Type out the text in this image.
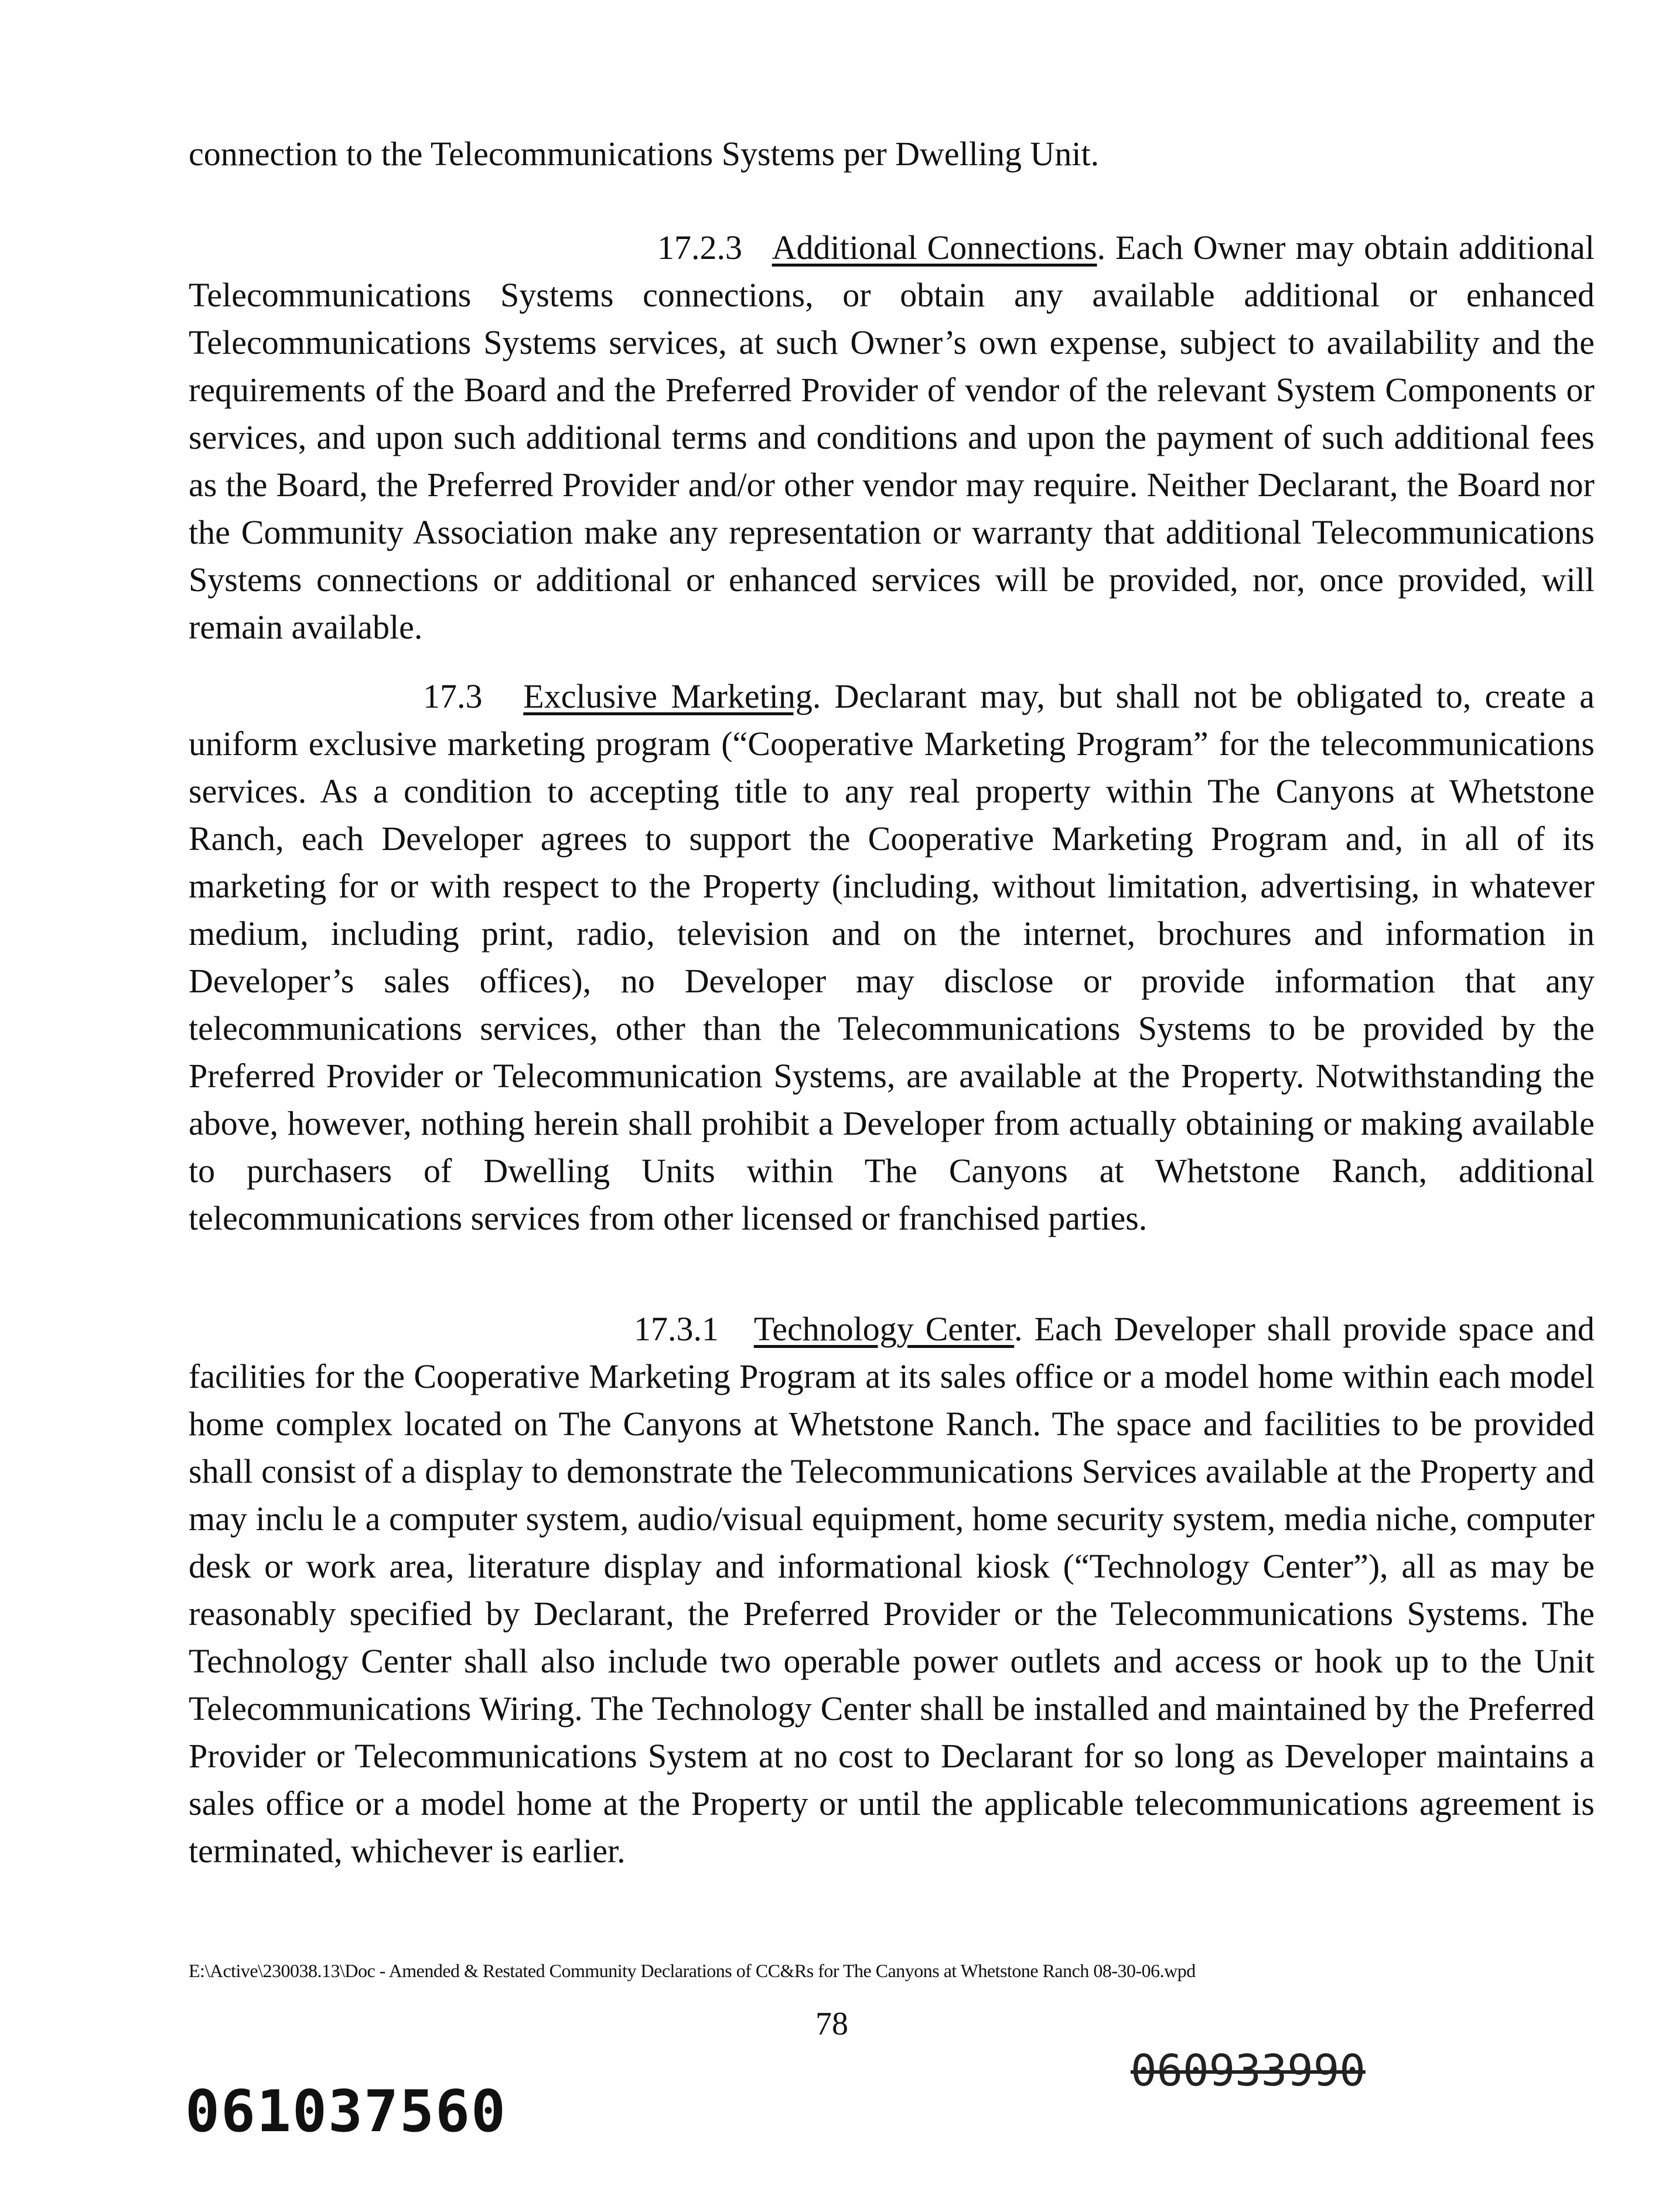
connection to the Telecommunications Systems per Dwelling Unit.

17.2.3 Additional Connections. Each Owner may obtain additional Telecommunications Systems connections, or obtain any available additional or enhanced Telecommunications Systems services, at such Owner’s own expense, subject to availability and the requirements of the Board and the Preferred Provider of vendor of the relevant System Components or services, and upon such additional terms and conditions and upon the payment of such additional fees as the Board, the Preferred Provider and/or other vendor may require. Neither Declarant, the Board nor the Community Association make any representation or warranty that additional Telecommunications Systems connections or additional or enhanced services will be provided, nor, once provided, will remain available.

17.3 Exclusive Marketing. Declarant may, but shall not be obligated to, create a uniform exclusive marketing program (“Cooperative Marketing Program” for the telecommunications services. As a condition to accepting title to any real property within The Canyons at Whetstone Ranch, each Developer agrees to support the Cooperative Marketing Program and, in all of its marketing for or with respect to the Property (including, without limitation, advertising, in whatever medium, including print, radio, television and on the internet, brochures and information in Developer’s sales offices), no Developer may disclose or provide information that any telecommunications services, other than the Telecommunications Systems to be provided by the Preferred Provider or Telecommunication Systems, are available at the Property. Notwithstanding the above, however, nothing herein shall prohibit a Developer from actually obtaining or making available to purchasers of Dwelling Units within The Canyons at Whetstone Ranch, additional telecommunications services from other licensed or franchised parties.

17.3.1 Technology Center. Each Developer shall provide space and facilities for the Cooperative Marketing Program at its sales office or a model home within each model home complex located on The Canyons at Whetstone Ranch. The space and facilities to be provided shall consist of a display to demonstrate the Telecommunications Services available at the Property and may inclu le a computer system, audio/visual equipment, home security system, media niche, computer desk or work area, literature display and informational kiosk (“Technology Center”), all as may be reasonably specified by Declarant, the Preferred Provider or the Telecommunications Systems. The Technology Center shall also include two operable power outlets and access or hook up to the Unit Telecommunications Wiring. The Technology Center shall be installed and maintained by the Preferred Provider or Telecommunications System at no cost to Declarant for so long as Developer maintains a sales office or a model home at the Property or until the applicable telecommunications agreement is terminated, whichever is earlier.

E:\Active\230038.13\Doc - Amended & Restated Community Declarations of CC&Rs for The Canyons at Whetstone Ranch 08-30-06.wpd
78
061037560
060933990
